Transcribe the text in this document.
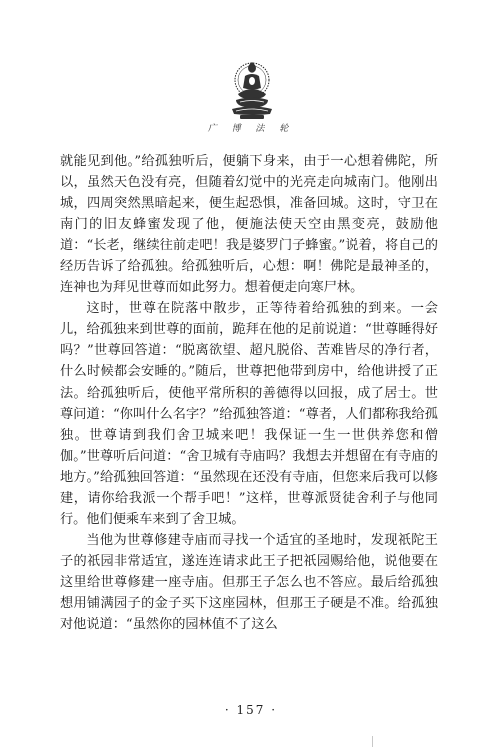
广 博 法 轮

就能见到他。”给孤独听后，便躺下身来，由于一心想着佛陀，所以，虽然天色没有亮，但随着幻觉中的光亮走向城南门。他刚出城，四周突然黑暗起来，便生起恐惧，准备回城。这时，守卫在南门的旧友蜂蜜发现了他，便施法使天空由黑变亮，鼓励他道：“长老，继续往前走吧！我是婆罗门子蜂蜜。”说着，将自己的经历告诉了给孤独。给孤独听后，心想：啊！佛陀是最神圣的，连神也为拜见世尊而如此努力。想着便走向寒尸林。

这时，世尊在院落中散步，正等待着给孤独的到来。一会儿，给孤独来到世尊的面前，跪拜在他的足前说道：“世尊睡得好吗？”世尊回答道：“脱离欲望、超凡脱俗、苦难皆尽的净行者，什么时候都会安睡的。”随后，世尊把他带到房中，给他讲授了正法。给孤独听后，使他平常所积的善德得以回报，成了居士。世尊问道：“你叫什么名字？”给孤独答道：“尊者，人们都称我给孤独。世尊请到我们舍卫城来吧！我保证一生一世供养您和僧伽。”世尊听后问道：“舍卫城有寺庙吗？我想去并想留在有寺庙的地方。”给孤独回答道：“虽然现在还没有寺庙，但您来后我可以修建，请你给我派一个帮手吧！”这样，世尊派贤徒舍利子与他同行。他们便乘车来到了舍卫城。

当他为世尊修建寺庙而寻找一个适宜的圣地时，发现祇陀王子的祇园非常适宜，遂连连请求此王子把祇园赐给他，说他要在这里给世尊修建一座寺庙。但那王子怎么也不答应。最后给孤独想用铺满园子的金子买下这座园林，但那王子硬是不准。给孤独对他说道：“虽然你的园林值不了这么

· 157 ·
